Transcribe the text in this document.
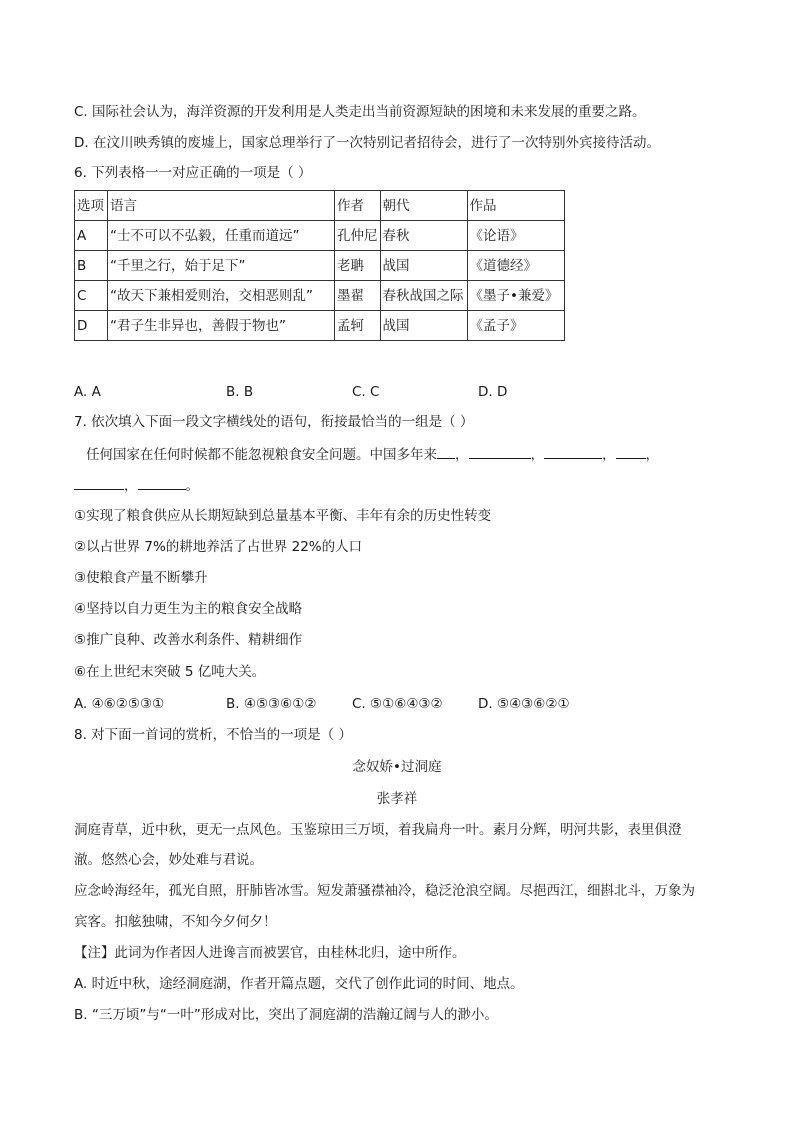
C. 国际社会认为，海洋资源的开发利用是人类走出当前资源短缺的困境和未来发展的重要之路。
D. 在汶川映秀镇的废墟上，国家总理举行了一次特别记者招待会，进行了一次特别外宾接待活动。
6. 下列表格一一对应正确的一项是（ ）
选项	语言	作者	朝代	作品
A	“士不可以不弘毅，任重而道远”	孔仲尼	春秋	《论语》
B	“千里之行，始于足下”	老聃	战国	《道德经》
C	“故天下兼相爱则治，交相恶则乱”	墨翟	春秋战国之际	《墨子•兼爱》
D	“君子生非异也，善假于物也”	孟轲	战国	《孟子》
A. A	B. B	C. C	D. D
7. 依次填入下面一段文字横线处的语句，衔接最恰当的一组是（ ）
任何国家在任何时候都不能忽视粮食安全问题。中国多年来 ，	，	， ，
，	。
①实现了粮食供应从长期短缺到总量基本平衡、丰年有余的历史性转变
②以占世界 7%的耕地养活了占世界 22%的人口
③使粮食产量不断攀升
④坚持以自力更生为主的粮食安全战略
⑤推广良种、改善水利条件、精耕细作
⑥在上世纪末突破 5 亿吨大关。
A. ④⑥②⑤③①	B. ④⑤③⑥①②	C. ⑤①⑥④③②	D. ⑤④③⑥②①
8. 对下面一首词的赏析，不恰当的一项是（ ）
念奴娇•过洞庭
张孝祥
洞庭青草，近中秋，更无一点风色。玉鉴琼田三万顷，着我扁舟一叶。素月分辉，明河共影，表里俱澄
澈。悠然心会，妙处难与君说。
应念岭海经年，孤光自照，肝肺皆冰雪。短发萧骚襟袖冷，稳泛沧浪空阔。尽挹西江，细斟北斗，万象为
宾客。扣舷独啸，不知今夕何夕！
【注】此词为作者因人进谗言而被罢官，由桂林北归，途中所作。
A. 时近中秋，途经洞庭湖，作者开篇点题，交代了创作此词的时间、地点。
B. “三万顷”与“一叶”形成对比，突出了洞庭湖的浩瀚辽阔与人的渺小。
